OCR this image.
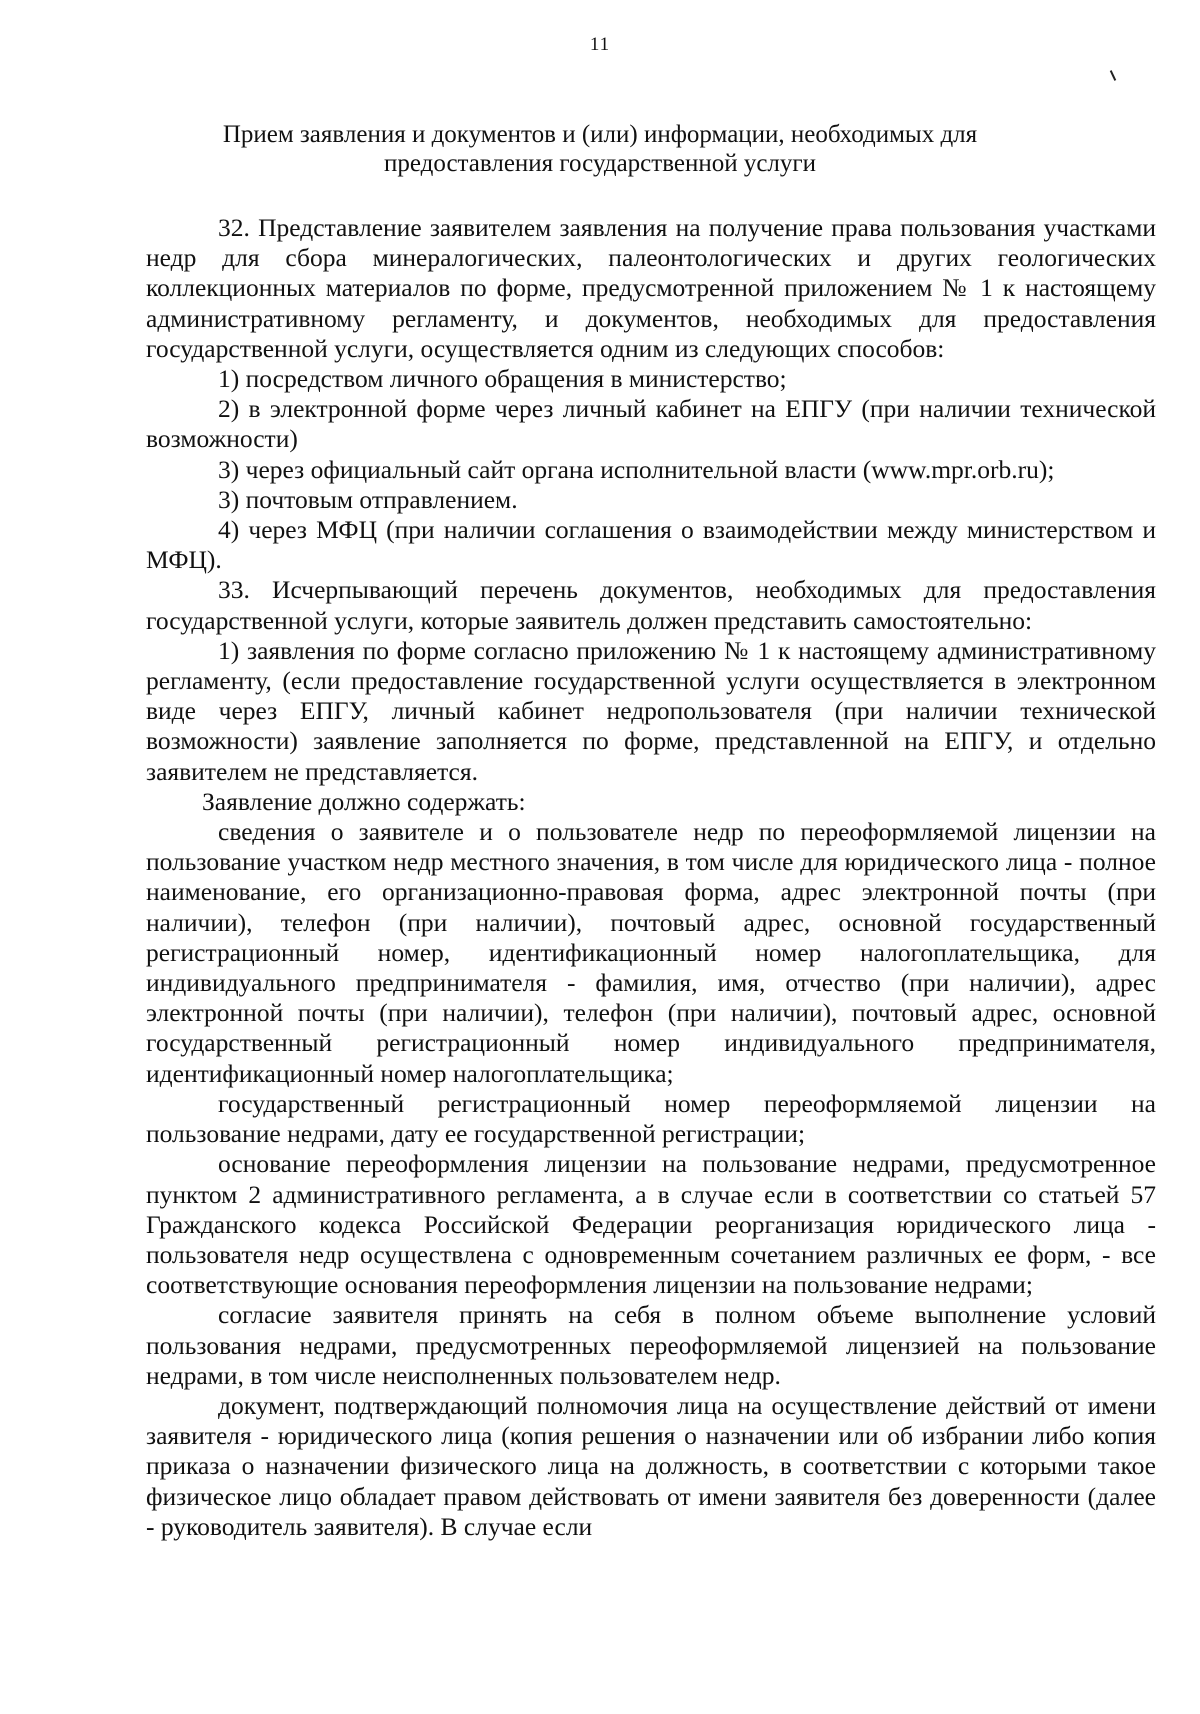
11
Прием заявления и документов и (или) информации, необходимых для
предоставления государственной услуги

32. Представление заявителем заявления на получение права пользования участками недр для сбора минералогических, палеонтологических и других геологических коллекционных материалов по форме, предусмотренной приложением № 1 к настоящему административному регламенту, и документов, необходимых для предоставления государственной услуги, осуществляется одним из следующих способов:

1) посредством личного обращения в министерство;

2) в электронной форме через личный кабинет на ЕПГУ (при наличии технической возможности)

3) через официальный сайт органа исполнительной власти (www.mpr.orb.ru);

3) почтовым отправлением.

4) через МФЦ (при наличии соглашения о взаимодействии между министерством и МФЦ).

33. Исчерпывающий перечень документов, необходимых для предоставления государственной услуги, которые заявитель должен представить самостоятельно:

1) заявления по форме согласно приложению № 1 к настоящему административному регламенту, (если предоставление государственной услуги осуществляется в электронном виде через ЕПГУ, личный кабинет недропользователя (при наличии технической возможности) заявление заполняется по форме, представленной на ЕПГУ, и отдельно заявителем не представляется.

Заявление должно содержать:

сведения о заявителе и о пользователе недр по переоформляемой лицензии на пользование участком недр местного значения, в том числе для юридического лица - полное наименование, его организационно-правовая форма, адрес электронной почты (при наличии), телефон (при наличии), почтовый адрес, основной государственный регистрационный номер, идентификационный номер налогоплательщика, для индивидуального предпринимателя - фамилия, имя, отчество (при наличии), адрес электронной почты (при наличии), телефон (при наличии), почтовый адрес, основной государственный регистрационный номер индивидуального предпринимателя, идентификационный номер налогоплательщика;

государственный регистрационный номер переоформляемой лицензии на пользование недрами, дату ее государственной регистрации;

основание переоформления лицензии на пользование недрами, предусмотренное пунктом 2 административного регламента, а в случае если в соответствии со статьей 57 Гражданского кодекса Российской Федерации реорганизация юридического лица - пользователя недр осуществлена с одновременным сочетанием различных ее форм, - все соответствующие основания переоформления лицензии на пользование недрами;

согласие заявителя принять на себя в полном объеме выполнение условий пользования недрами, предусмотренных переоформляемой лицензией на пользование недрами, в том числе неисполненных пользователем недр.

документ, подтверждающий полномочия лица на осуществление действий от имени заявителя - юридического лица (копия решения о назначении или об избрании либо копия приказа о назначении физического лица на должность, в соответствии с которыми такое физическое лицо обладает правом действовать от имени заявителя без доверенности (далее - руководитель заявителя). В случае если
